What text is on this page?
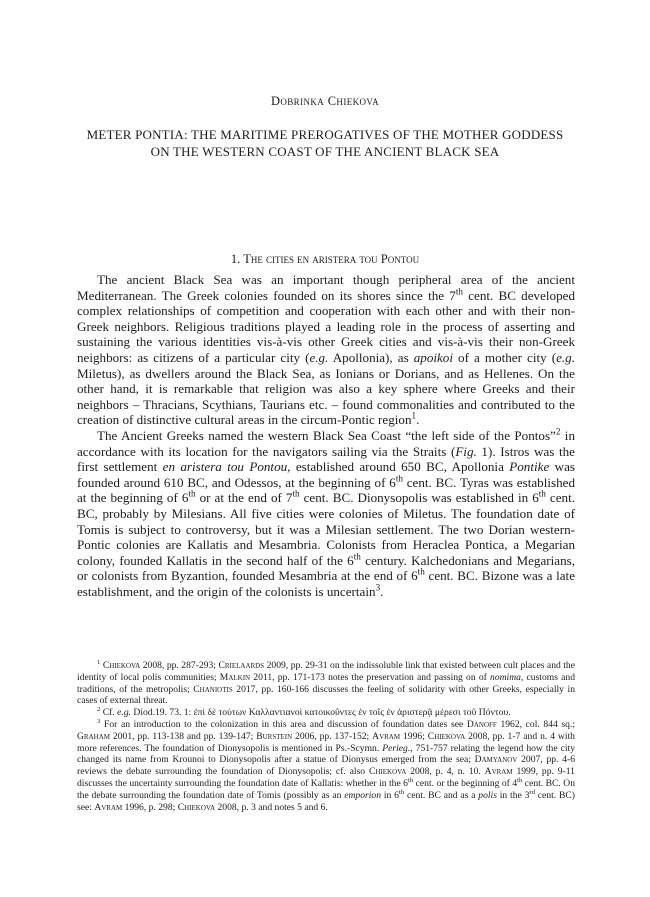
Dobrinka Chiekova
METER PONTIA: THE MARITIME PREROGATIVES OF THE MOTHER GODDESS
ON THE WESTERN COAST OF THE ANCIENT BLACK SEA
1. The cities en aristera tou Pontou

The ancient Black Sea was an important though peripheral area of the ancient Mediterranean. The Greek colonies founded on its shores since the 7th cent. BC developed complex relationships of competition and cooperation with each other and with their non-Greek neighbors. Religious traditions played a leading role in the process of asserting and sustaining the various identities vis-à-vis other Greek cities and vis-à-vis their non-Greek neighbors: as citizens of a particular city (e.g. Apollonia), as apoikoi of a mother city (e.g. Miletus), as dwellers around the Black Sea, as Ionians or Dorians, and as Hellenes. On the other hand, it is remarkable that religion was also a key sphere where Greeks and their neighbors – Thracians, Scythians, Taurians etc. – found commonalities and contributed to the creation of distinctive cultural areas in the circum-Pontic region$^1$.

The Ancient Greeks named the western Black Sea Coast “the left side of the Pontos”$^2$ in accordance with its location for the navigators sailing via the Straits (Fig. 1). Istros was the first settlement en aristera tou Pontou, established around 650 BC, Apollonia Pontike was founded around 610 BC, and Odessos, at the beginning of 6th cent. BC. Tyras was established at the beginning of 6th or at the end of 7th cent. BC. Dionysopolis was established in 6th cent. BC, probably by Milesians. All five cities were colonies of Miletus. The foundation date of Tomis is subject to controversy, but it was a Milesian settlement. The two Dorian western-Pontic colonies are Kallatis and Mesambria. Colonists from Heraclea Pontica, a Megarian colony, founded Kallatis in the second half of the 6th century. Kalchedonians and Megarians, or colonists from Byzantion, founded Mesambria at the end of 6th cent. BC. Bizone was a late establishment, and the origin of the colonists is uncertain$^3$.

$^1$ Chiekova 2008, pp. 287-293; Crielaards 2009, pp. 29-31 on the indissoluble link that existed between cult places and the identity of local polis communities; Malkin 2011, pp. 171-173 notes the preservation and passing on of nomima, customs and traditions, of the metropolis; Chaniotis 2017, pp. 160-166 discusses the feeling of solidarity with other Greeks, especially in cases of external threat.

$^2$ Cf. e.g. Diod.19. 73. 1: ἐπὶ δὲ τούτων Καλλαντιανοὶ κατοικοῦντες ἐν τοῖς ἐν ἀριστερᾷ μέρεσι τοῦ Πόντου.

$^3$ For an introduction to the colonization in this area and discussion of foundation dates see Danoff 1962, col. 844 sq.; Graham 2001, pp. 113-138 and pp. 139-147; Burstein 2006, pp. 137-152; Avram 1996; Chiekova 2008, pp. 1-7 and n. 4 with more references. The foundation of Dionysopolis is mentioned in Ps.-Scymn. Perieg., 751-757 relating the legend how the city changed its name from Krounoi to Dionysopolis after a statue of Dionysus emerged from the sea; Damyanov 2007, pp. 4-6 reviews the debate surrounding the foundation of Dionysopolis; cf. also Chiekova 2008, p. 4, n. 10. Avram 1999, pp. 9-11 discusses the uncertainty surrounding the foundation date of Kallatis: whether in the 6th cent. or the beginning of 4th cent. BC. On the debate surrounding the foundation date of Tomis (possibly as an emporion in 6th cent. BC and as a polis in the 3rd cent. BC) see: Avram 1996, p. 298; Chiekova 2008, p. 3 and notes 5 and 6.
